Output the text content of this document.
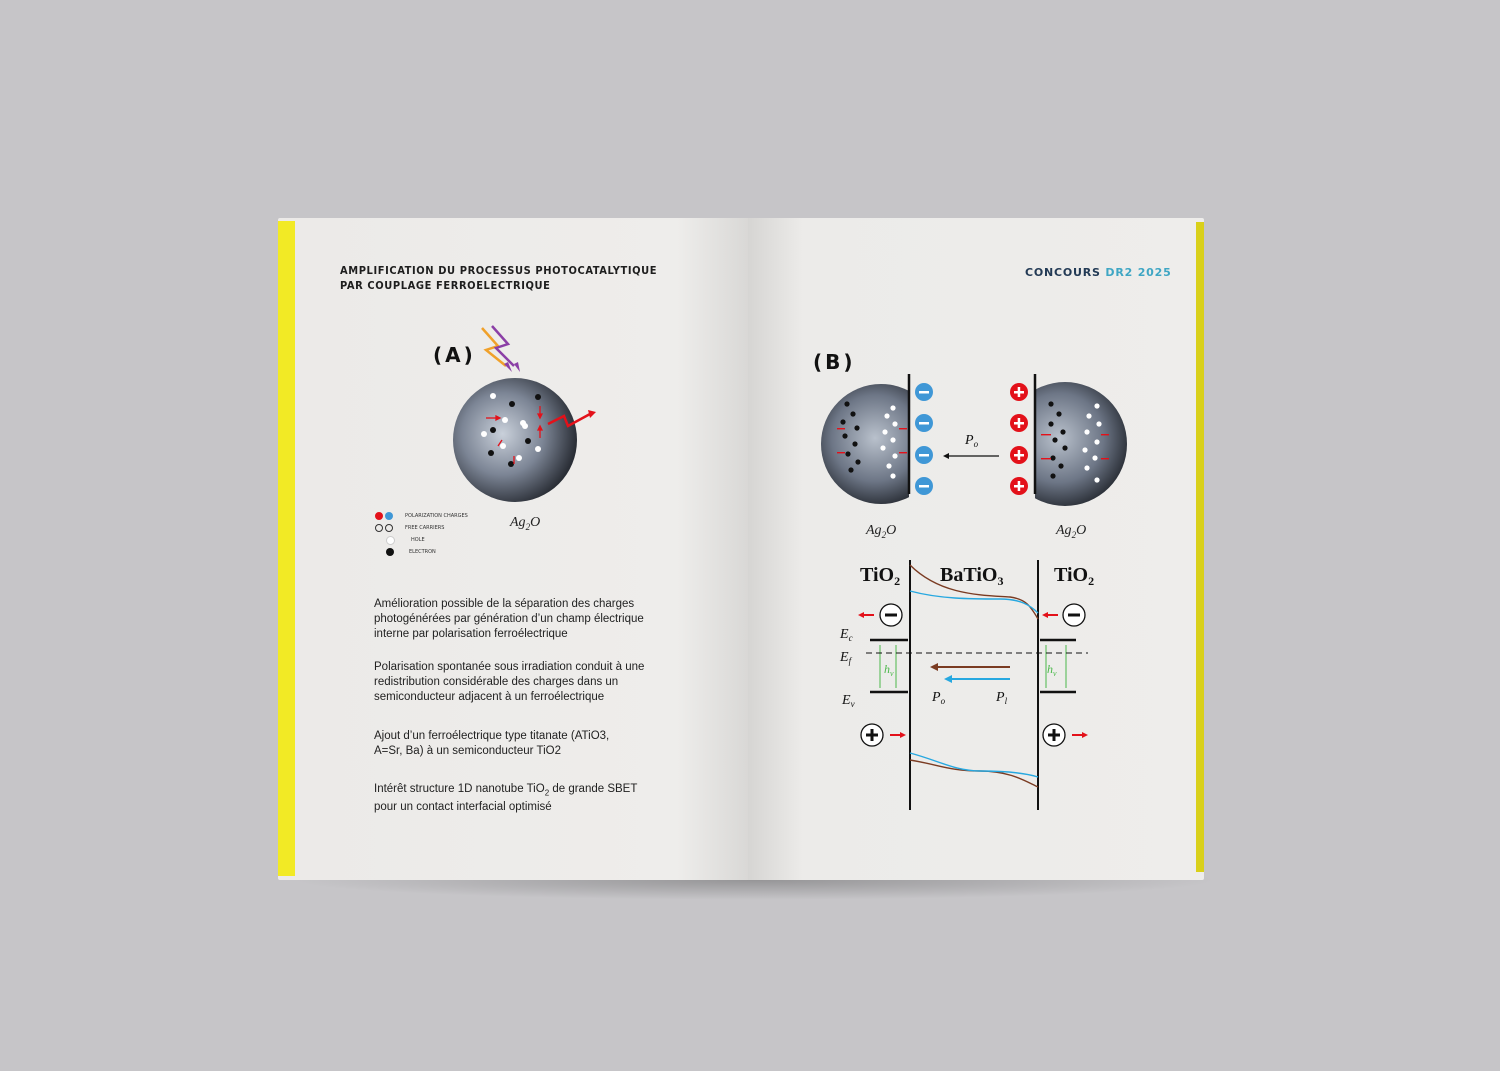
AMPLIFICATION DU PROCESSUS PHOTOCATALYTIQUE
PAR COUPLAGE FERROELECTRIQUE
(A)
$Ag_2O$
POLARIZATION CHARGES
FREE CARRIERS
HOLE
ELECTRON
Amélioration possible de la séparation des charges photogénérées par génération d’un champ électrique interne par polarisation ferroélectrique
Polarisation spontanée sous irradiation conduit à une redistribution considérable des charges dans un semiconducteur adjacent à un ferroélectrique
Ajout d’un ferroélectrique type titanate (ATiO3, A=Sr, Ba) à un semiconducteur TiO2
Intérêt structure 1D nanotube TiO$_2$ de grande SBET pour un contact interfacial optimisé
CONCOURS DR2 2025
(B)
$P_o$
$Ag_2O$	$Ag_2O$
TiO$_2$ BaTiO$_3$	TiO$_2$
$h_v$	$h_v$
$E_c$
$E_f$
$E_v$	$P_o$	$P_l$
